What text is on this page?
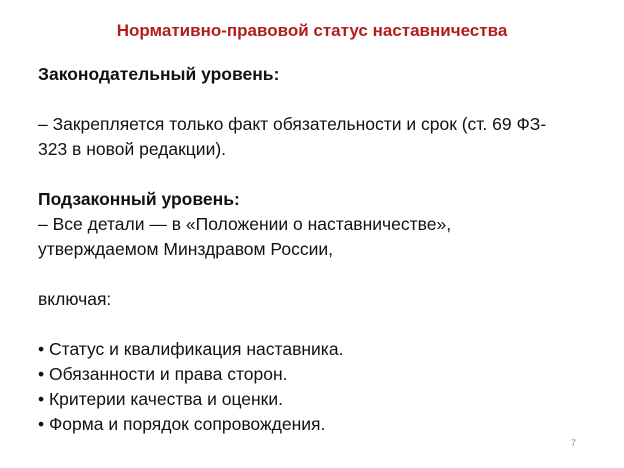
Нормативно-правовой статус наставничества
Законодательный уровень:
– Закрепляется только факт обязательности и срок (ст. 69 ФЗ-
323 в новой редакции).
Подзаконный уровень:
– Все детали — в «Положении о наставничестве»,
утверждаемом Минздравом России,
включая:
• Статус и квалификация наставника.
• Обязанности и права сторон.
• Критерии качества и оценки.
• Форма и порядок сопровождения.
7
